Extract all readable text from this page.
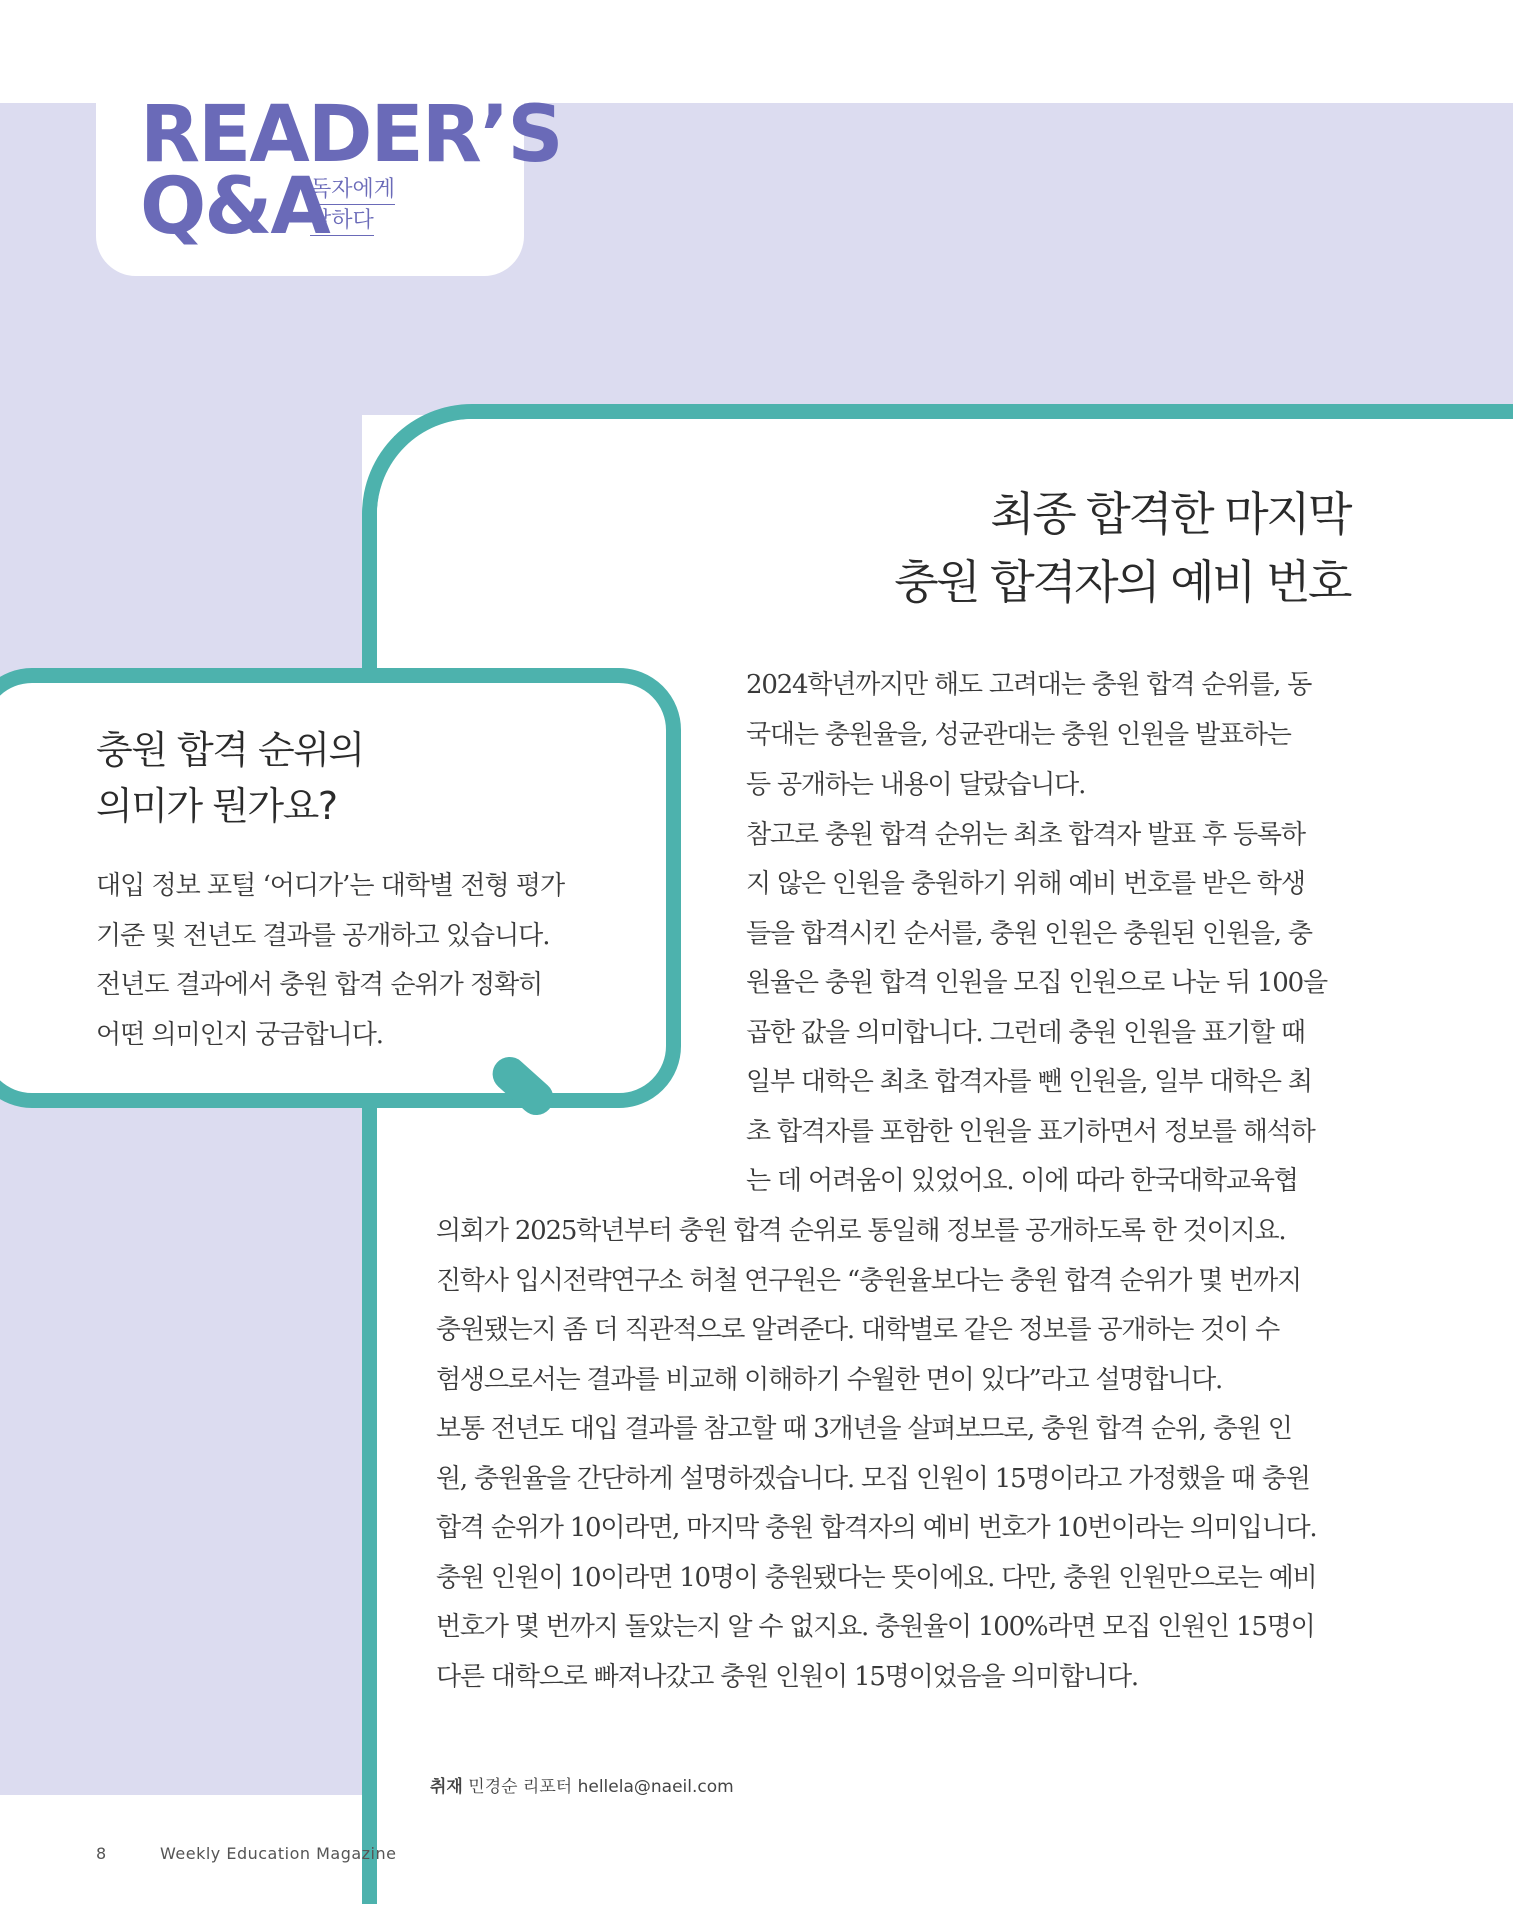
READER’S
Q&A
독자에게
답하다
충원 합격 순위의
의미가 뭔가요?
대입 정보 포털 ‘어디가’는 대학별 전형 평가
기준 및 전년도 결과를 공개하고 있습니다.
전년도 결과에서 충원 합격 순위가 정확히
어떤 의미인지 궁금합니다.
최종 합격한 마지막
충원 합격자의 예비 번호
2024학년까지만 해도 고려대는 충원 합격 순위를, 동
국대는 충원율을, 성균관대는 충원 인원을 발표하는
등 공개하는 내용이 달랐습니다.
참고로 충원 합격 순위는 최초 합격자 발표 후 등록하
지 않은 인원을 충원하기 위해 예비 번호를 받은 학생
들을 합격시킨 순서를, 충원 인원은 충원된 인원을, 충
원율은 충원 합격 인원을 모집 인원으로 나눈 뒤 100을
곱한 값을 의미합니다. 그런데 충원 인원을 표기할 때
일부 대학은 최초 합격자를 뺀 인원을, 일부 대학은 최
초 합격자를 포함한 인원을 표기하면서 정보를 해석하
는 데 어려움이 있었어요. 이에 따라 한국대학교육협
의회가 2025학년부터 충원 합격 순위로 통일해 정보를 공개하도록 한 것이지요.
진학사 입시전략연구소 허철 연구원은 “충원율보다는 충원 합격 순위가 몇 번까지
충원됐는지 좀 더 직관적으로 알려준다. 대학별로 같은 정보를 공개하는 것이 수
험생으로서는 결과를 비교해 이해하기 수월한 면이 있다”라고 설명합니다.
보통 전년도 대입 결과를 참고할 때 3개년을 살펴보므로, 충원 합격 순위, 충원 인
원, 충원율을 간단하게 설명하겠습니다. 모집 인원이 15명이라고 가정했을 때 충원
합격 순위가 10이라면, 마지막 충원 합격자의 예비 번호가 10번이라는 의미입니다.
충원 인원이 10이라면 10명이 충원됐다는 뜻이에요. 다만, 충원 인원만으로는 예비
번호가 몇 번까지 돌았는지 알 수 없지요. 충원율이 100%라면 모집 인원인 15명이
다른 대학으로 빠져나갔고 충원 인원이 15명이었음을 의미합니다.
취재 민경순 리포터 hellela@naeil.com
8	Weekly Education Magazine
